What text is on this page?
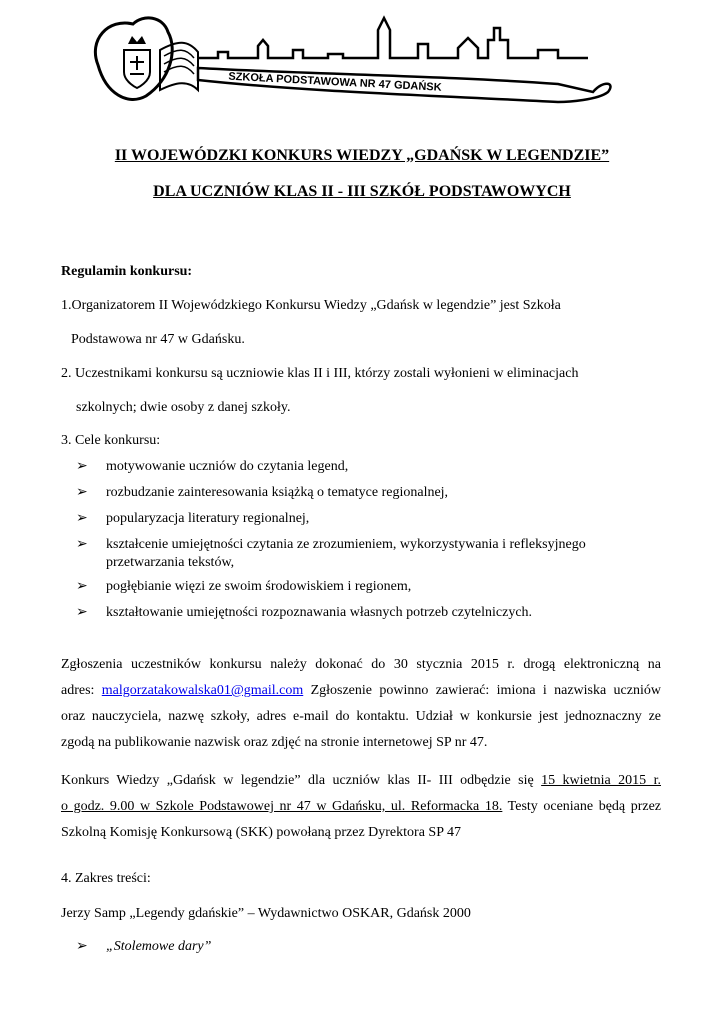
SZKOŁA PODSTAWOWA NR 47 GDAŃSK
II WOJEWÓDZKI KONKURS WIEDZY „GDAŃSK W LEGENDZIE”
DLA UCZNIÓW KLAS II - III SZKÓŁ PODSTAWOWYCH
Regulamin konkursu:
1.Organizatorem II Wojewódzkiego Konkursu Wiedzy „Gdańsk w legendzie” jest Szkoła
Podstawowa nr 47 w Gdańsku.
2. Uczestnikami konkursu są uczniowie klas II i III, którzy zostali wyłonieni w eliminacjach
szkolnych; dwie osoby z danej szkoły.
3. Cele konkursu:
➢ motywowanie uczniów do czytania legend,
➢ rozbudzanie zainteresowania książką o tematyce regionalnej,
➢ popularyzacja literatury regionalnej,
➢ kształcenie umiejętności czytania ze zrozumieniem, wykorzystywania i refleksyjnego
przetwarzania tekstów,
➢ pogłębianie więzi ze swoim środowiskiem i regionem,
➢ kształtowanie umiejętności rozpoznawania własnych potrzeb czytelniczych.
Zgłoszenia uczestników konkursu należy dokonać do 30 stycznia 2015 r. drogą elektroniczną na
adres: malgorzatakowalska01@gmail.com Zgłoszenie powinno zawierać: imiona i nazwiska uczniów
oraz nauczyciela, nazwę szkoły, adres e-mail do kontaktu. Udział w konkursie jest jednoznaczny ze
zgodą na publikowanie nazwisk oraz zdjęć na stronie internetowej SP nr 47.
Konkurs Wiedzy „Gdańsk w legendzie” dla uczniów klas II- III odbędzie się 15 kwietnia 2015 r.
o godz. 9.00 w Szkole Podstawowej nr 47 w Gdańsku, ul. Reformacka 18. Testy oceniane będą przez
Szkolną Komisję Konkursową (SKK) powołaną przez Dyrektora SP 47
4. Zakres treści:
Jerzy Samp „Legendy gdańskie” – Wydawnictwo OSKAR, Gdańsk 2000
➢ „Stolemowe dary”
